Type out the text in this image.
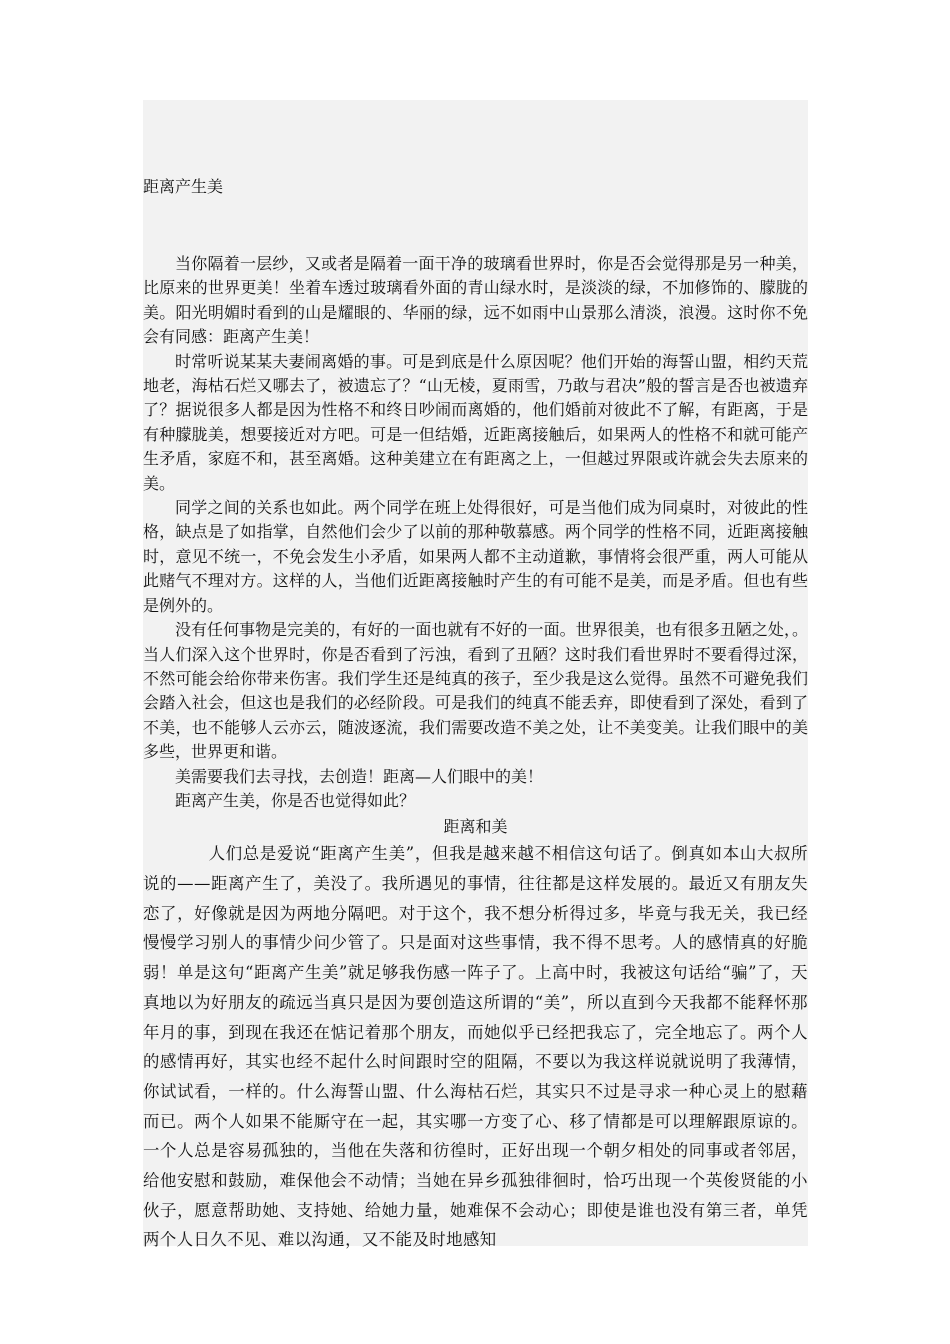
距离产生美

当你隔着一层纱，又或者是隔着一面干净的玻璃看世界时，你是否会觉得那是另一种美，比原来的世界更美！坐着车透过玻璃看外面的青山绿水时，是淡淡的绿，不加修饰的、朦胧的美。阳光明媚时看到的山是耀眼的、华丽的绿，远不如雨中山景那么清淡，浪漫。这时你不免会有同感：距离产生美！

时常听说某某夫妻闹离婚的事。可是到底是什么原因呢？他们开始的海誓山盟，相约天荒地老，海枯石烂又哪去了，被遗忘了？“山无棱，夏雨雪，乃敢与君决”般的誓言是否也被遗弃了？据说很多人都是因为性格不和终日吵闹而离婚的，他们婚前对彼此不了解，有距离，于是有种朦胧美，想要接近对方吧。可是一但结婚，近距离接触后，如果两人的性格不和就可能产生矛盾，家庭不和，甚至离婚。这种美建立在有距离之上，一但越过界限或许就会失去原来的美。

同学之间的关系也如此。两个同学在班上处得很好，可是当他们成为同桌时，对彼此的性格，缺点是了如指掌，自然他们会少了以前的那种敬慕感。两个同学的性格不同，近距离接触时，意见不统一，不免会发生小矛盾，如果两人都不主动道歉，事情将会很严重，两人可能从此赌气不理对方。这样的人，当他们近距离接触时产生的有可能不是美，而是矛盾。但也有些是例外的。

没有任何事物是完美的，有好的一面也就有不好的一面。世界很美，也有很多丑陋之处，。当人们深入这个世界时，你是否看到了污浊，看到了丑陋？这时我们看世界时不要看得过深，不然可能会给你带来伤害。我们学生还是纯真的孩子，至少我是这么觉得。虽然不可避免我们会踏入社会，但这也是我们的必经阶段。可是我们的纯真不能丢弃，即使看到了深处，看到了不美，也不能够人云亦云，随波逐流，我们需要改造不美之处，让不美变美。让我们眼中的美多些，世界更和谐。

美需要我们去寻找，去创造！距离—人们眼中的美！

距离产生美，你是否也觉得如此？

距离和美

人们总是爱说“距离产生美”，但我是越来越不相信这句话了。倒真如本山大叔所说的——距离产生了，美没了。我所遇见的事情，往往都是这样发展的。最近又有朋友失恋了，好像就是因为两地分隔吧。对于这个，我不想分析得过多，毕竟与我无关，我已经慢慢学习别人的事情少问少管了。只是面对这些事情，我不得不思考。人的感情真的好脆弱！单是这句“距离产生美”就足够我伤感一阵子了。上高中时，我被这句话给“骗”了，天真地以为好朋友的疏远当真只是因为要创造这所谓的“美”，所以直到今天我都不能释怀那年月的事，到现在我还在惦记着那个朋友，而她似乎已经把我忘了，完全地忘了。两个人的感情再好，其实也经不起什么时间跟时空的阻隔，不要以为我这样说就说明了我薄情，你试试看，一样的。什么海誓山盟、什么海枯石烂，其实只不过是寻求一种心灵上的慰藉而已。两个人如果不能厮守在一起，其实哪一方变了心、移了情都是可以理解跟原谅的。一个人总是容易孤独的，当他在失落和彷徨时，正好出现一个朝夕相处的同事或者邻居，给他安慰和鼓励，难保他会不动情；当她在异乡孤独徘徊时，恰巧出现一个英俊贤能的小伙子，愿意帮助她、支持她、给她力量，她难保不会动心；即使是谁也没有第三者，单凭两个人日久不见、难以沟通，又不能及时地感知
